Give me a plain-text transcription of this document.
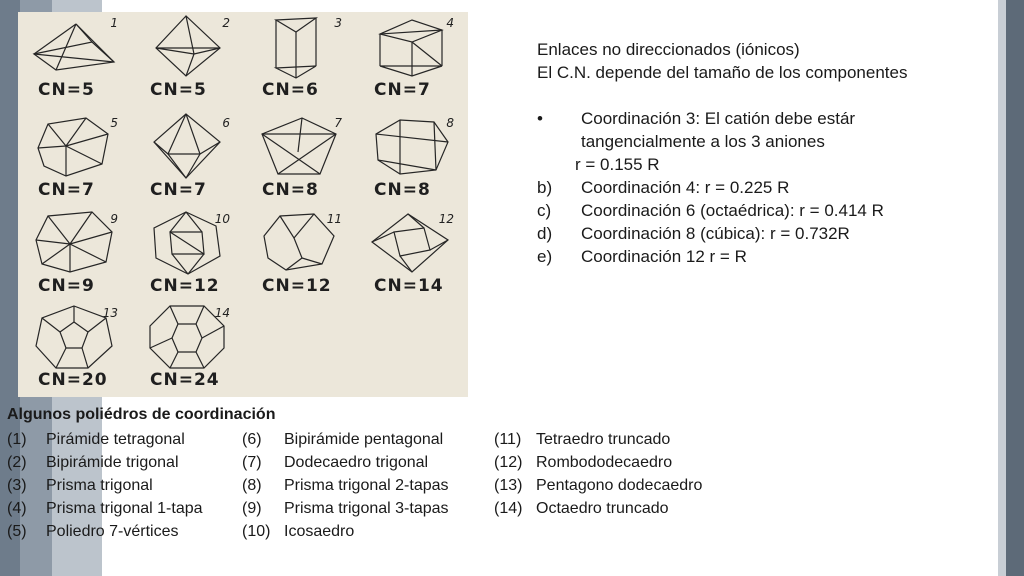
1
CN=5
2
CN=5
3
CN=6
4
CN=7
5
CN=7
6
CN=7
7
CN=8
8
CN=8
9
CN=9
10
CN=12
11
CN=12
12
CN=14
13
CN=20
14
CN=24
Enlaces no direccionados (iónicos)
El C.N. depende del tamaño de los componentes
• Coordinación 3: El catión debe estár
tangencialmente a los 3 aniones
r = 0.155 R
b) Coordinación 4: r = 0.225 R
c) Coordinación 6 (octaédrica): r = 0.414 R
d) Coordinación 8 (cúbica): r = 0.732R
e) Coordinación 12 r = R
Algunos poliédros de coordinación
(1) Pirámide tetragonal
(2) Bipirámide trigonal
(3) Prisma trigonal
(4) Prisma trigonal 1-tapa
(5) Poliedro 7-vértices
(6) Bipirámide pentagonal
(7) Dodecaedro trigonal
(8) Prisma trigonal 2-tapas
(9) Prisma trigonal 3-tapas
(10) Icosaedro
(11) Tetraedro truncado
(12) Rombododecaedro
(13) Pentagono dodecaedro
(14) Octaedro truncado
